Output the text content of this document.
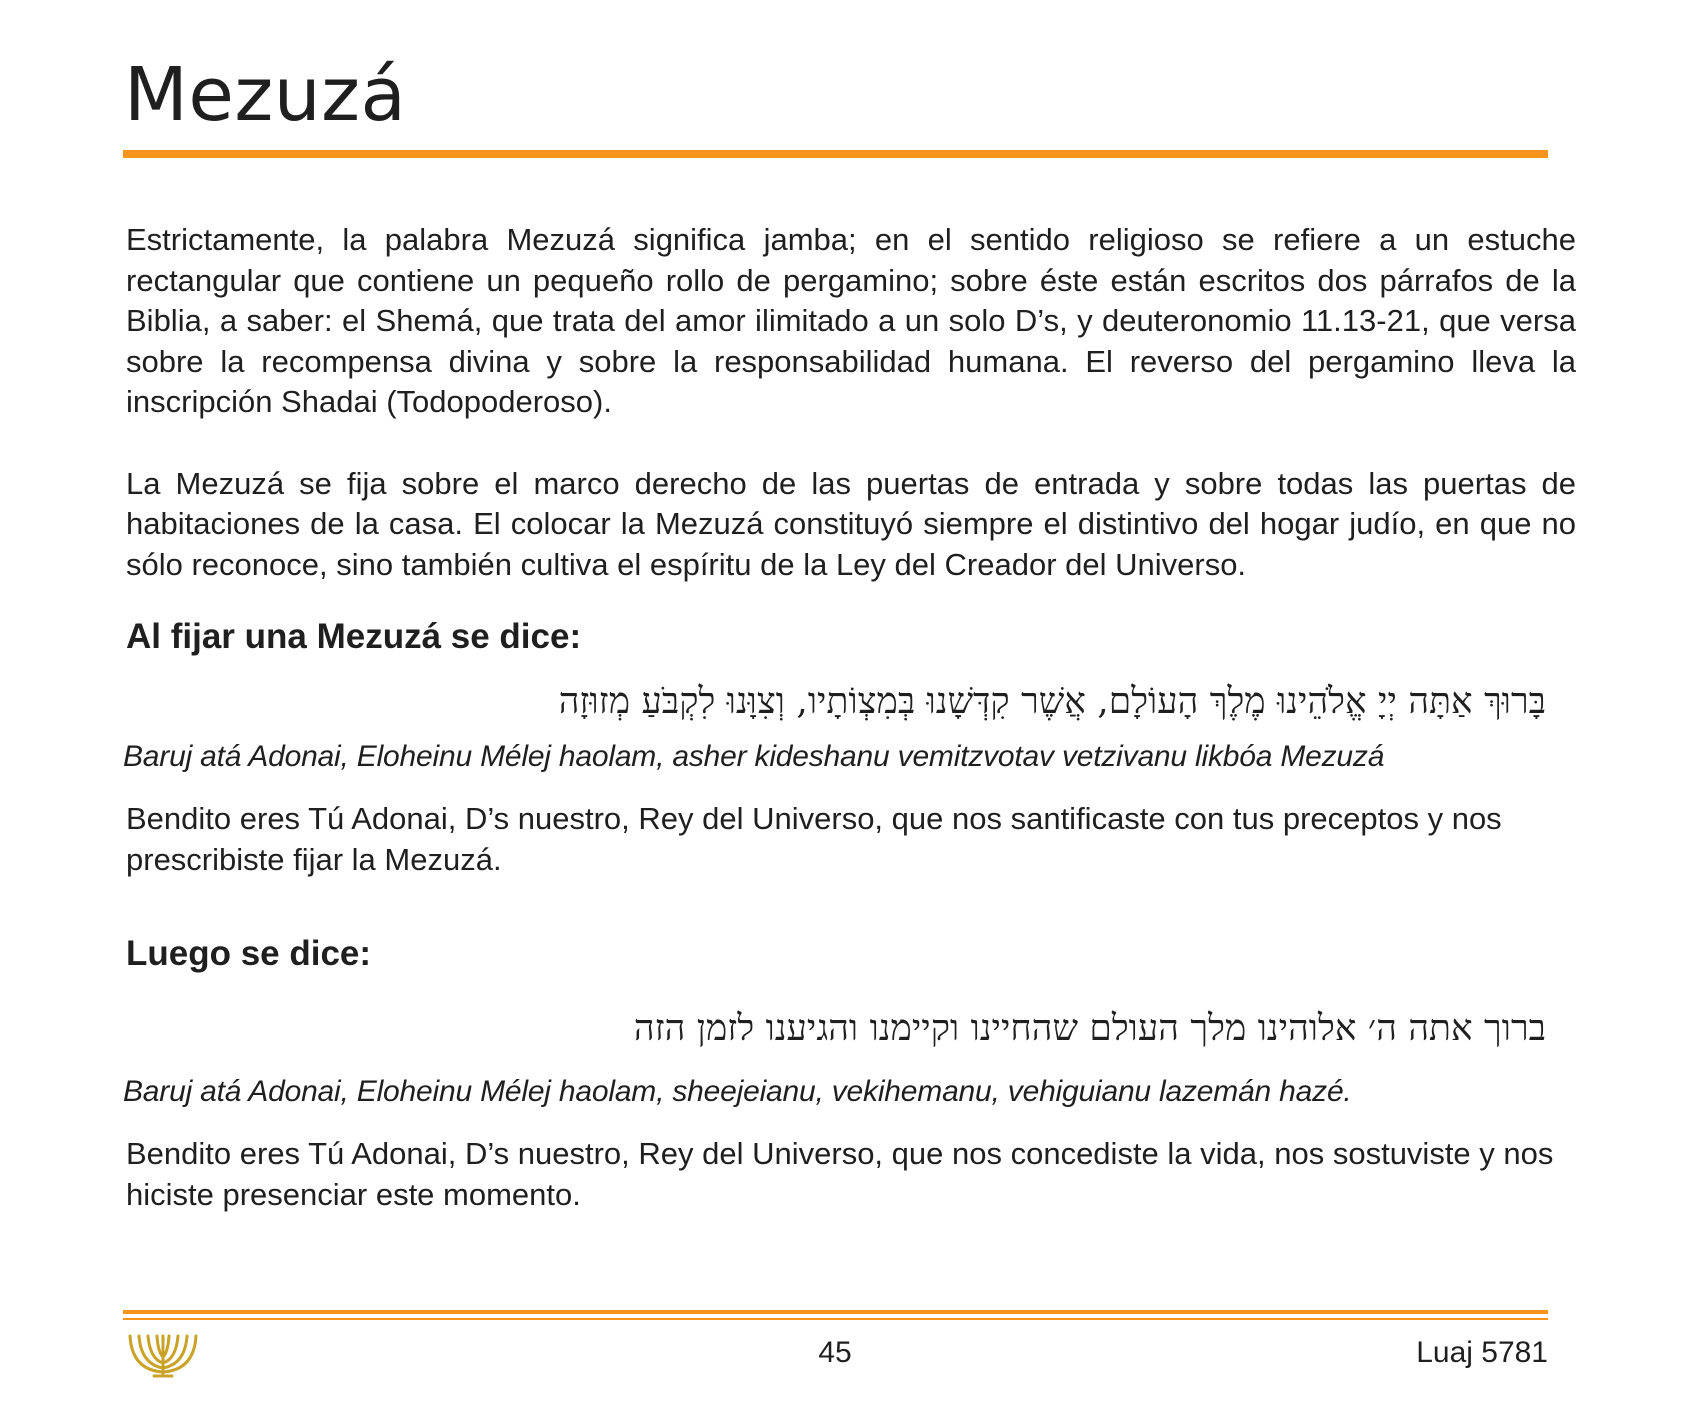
Mezuzá

Estrictamente, la palabra Mezuzá significa jamba; en el sentido religioso se refiere a un estuche rectangular que contiene un pequeño rollo de pergamino; sobre éste están escritos dos párrafos de la Biblia, a saber: el Shemá, que trata del amor ilimitado a un solo D’s, y deuteronomio 11.13-21, que versa sobre la recompensa divina y sobre la responsabilidad humana. El reverso del pergamino lleva la inscripción Shadai (Todopoderoso).

La Mezuzá se fija sobre el marco derecho de las puertas de entrada y sobre todas las puertas de habitaciones de la casa. El colocar la Mezuzá constituyó siempre el distintivo del hogar judío, en que no sólo reconoce, sino también cultiva el espíritu de la Ley del Creador del Universo.

Al fijar una Mezuzá se dice:

בָּרוּךְ אַתָּה יְיָ אֱלֹהֵינוּ מֶלֶךְ הָעוֹלָם, אֲשֶׁר קִדְּשָׁנוּ בְּמִצְוֹתָיו, וְצִוָּנוּ לִקְבֹּעַ מְזוּזָה

Baruj atá Adonai, Eloheinu Mélej haolam, asher kideshanu vemitzvotav vetzivanu likbóa Mezuzá

Bendito eres Tú Adonai, D’s nuestro, Rey del Universo, que nos santificaste con tus preceptos y nos prescribiste fijar la Mezuzá.

Luego se dice:

ברוך אתה ה׳ אלוהינו מלך העולם שהחיינו וקיימנו והגיענו לזמן הזה

Baruj atá Adonai, Eloheinu Mélej haolam, sheejeianu, vekihemanu, vehiguianu lazemán hazé.

Bendito eres Tú Adonai, D’s nuestro, Rey del Universo, que nos concediste la vida, nos sostuviste y nos hiciste presenciar este momento.

45	Luaj 5781
